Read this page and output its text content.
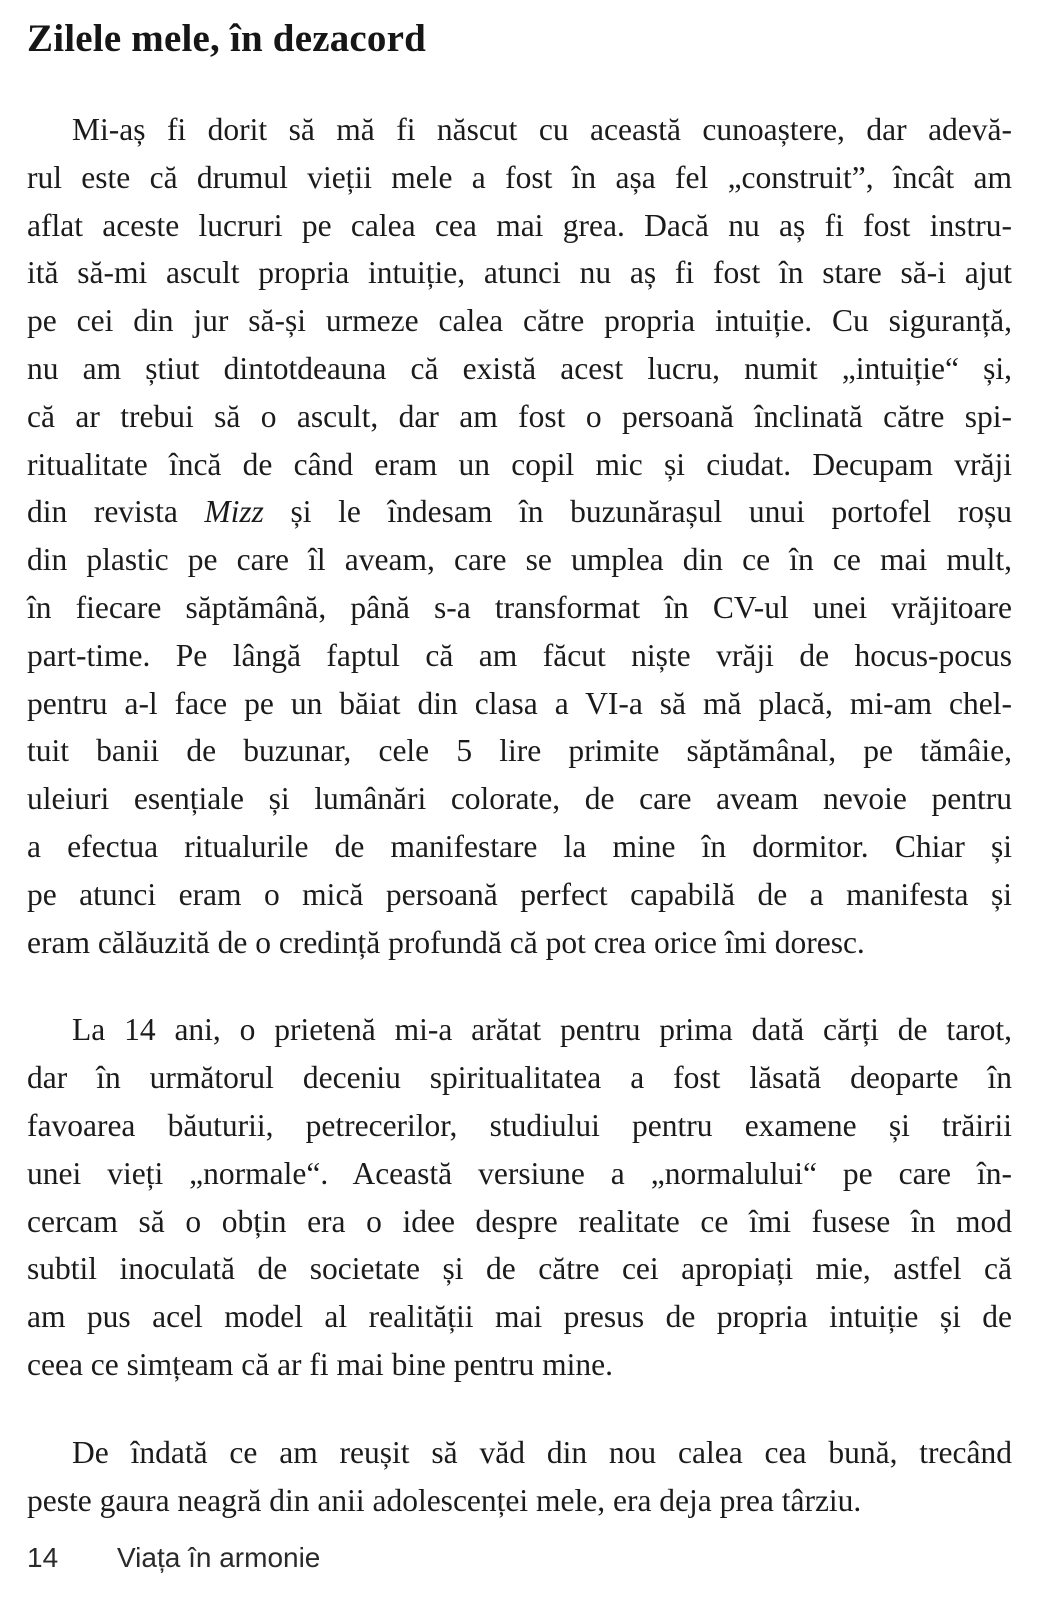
Zilele mele, în dezacord
Mi-aș fi dorit să mă fi născut cu această cunoaștere, dar adevă-
rul este că drumul vieții mele a fost în așa fel „construit”, încât am
aflat aceste lucruri pe calea cea mai grea. Dacă nu aș fi fost instru-
ită să-mi ascult propria intuiție, atunci nu aș fi fost în stare să-i ajut
pe cei din jur să-și urmeze calea către propria intuiție. Cu siguranță,
nu am știut dintotdeauna că există acest lucru, numit „intuiție“ și,
că ar trebui să o ascult, dar am fost o persoană înclinată către spi-
ritualitate încă de când eram un copil mic și ciudat. Decupam vrăji
din revista Mizz și le îndesam în buzunărașul unui portofel roșu
din plastic pe care îl aveam, care se umplea din ce în ce mai mult,
în fiecare săptămână, până s-a transformat în CV-ul unei vrăjitoare
part-time. Pe lângă faptul că am făcut niște vrăji de hocus-pocus
pentru a-l face pe un băiat din clasa a VI-a să mă placă, mi-am chel-
tuit banii de buzunar, cele 5 lire primite săptămânal, pe tămâie,
uleiuri esențiale și lumânări colorate, de care aveam nevoie pentru
a efectua ritualurile de manifestare la mine în dormitor. Chiar și
pe atunci eram o mică persoană perfect capabilă de a manifesta și
eram călăuzită de o credință profundă că pot crea orice îmi doresc.
La 14 ani, o prietenă mi-a arătat pentru prima dată cărți de tarot,
dar în următorul deceniu spiritualitatea a fost lăsată deoparte în
favoarea băuturii, petrecerilor, studiului pentru examene și trăirii
unei vieți „normale“. Această versiune a „normalului“ pe care în-
cercam să o obțin era o idee despre realitate ce îmi fusese în mod
subtil inoculată de societate și de către cei apropiați mie, astfel că
am pus acel model al realității mai presus de propria intuiție și de
ceea ce simțeam că ar fi mai bine pentru mine.
De îndată ce am reușit să văd din nou calea cea bună, trecând
peste gaura neagră din anii adolescenței mele, era deja prea târziu.
14	Viața în armonie
